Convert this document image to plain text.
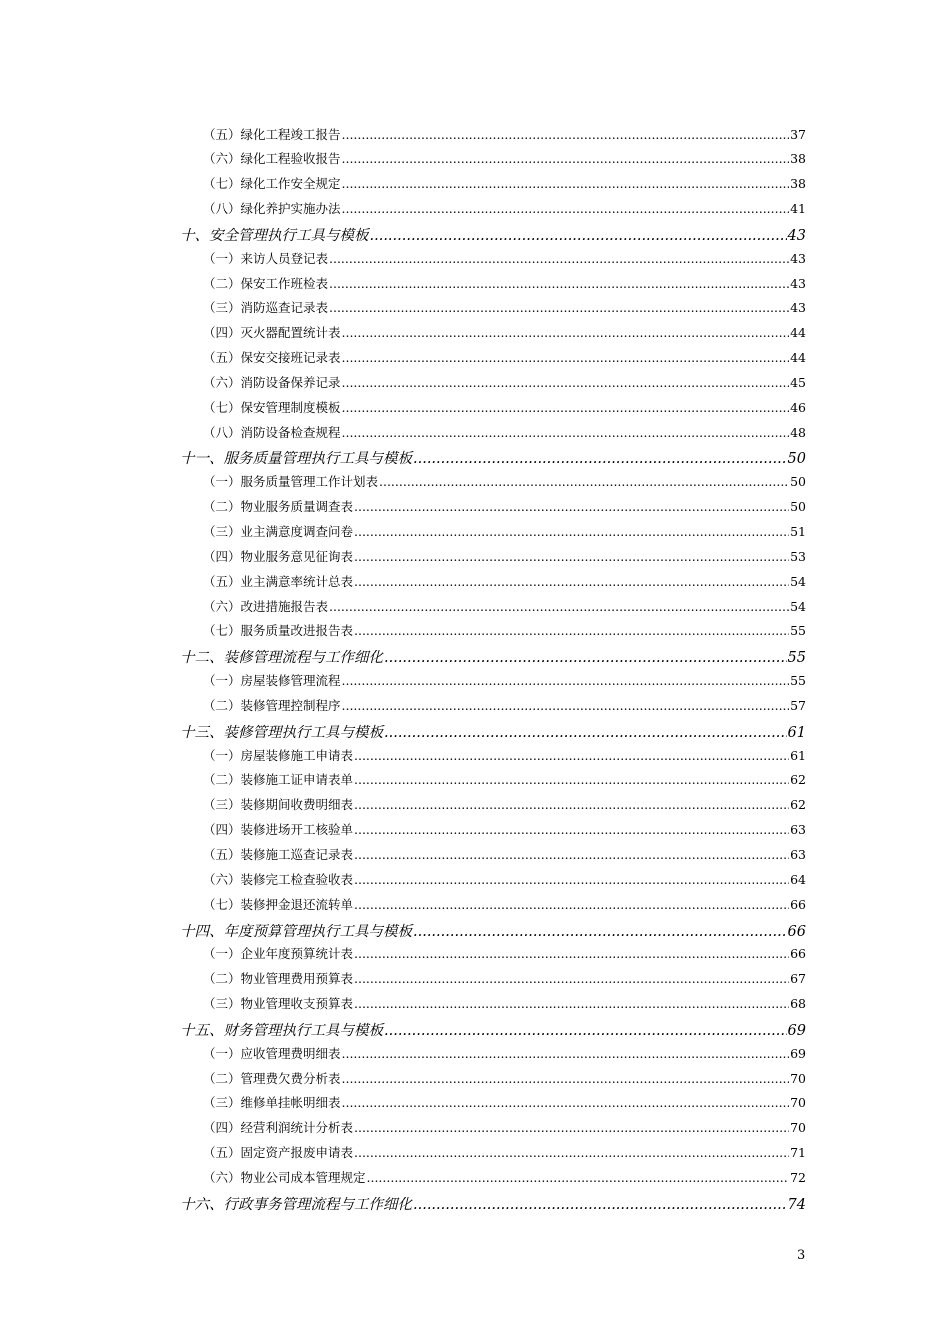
（五）绿化工程竣工报告 .....	37
（六）绿化工程验收报告 .....	38
（七）绿化工作安全规定 .....	38
（八）绿化养护实施办法 .....	41
十、安全管理执行工具与模板 .....	43
（一）来访人员登记表 .....	43
（二）保安工作班检表 .....	43
（三）消防巡查记录表 .....	43
（四）灭火器配置统计表 .....	44
（五）保安交接班记录表 .....	44
（六）消防设备保养记录 .....	45
（七）保安管理制度模板 .....	46
（八）消防设备检查规程 .....	48
十一、服务质量管理执行工具与模板 .....	50
（一）服务质量管理工作计划表 .....	50
（二）物业服务质量调查表 .....	50
（三）业主满意度调查问卷 .....	51
（四）物业服务意见征询表 .....	53
（五）业主满意率统计总表 .....	54
（六）改进措施报告表 .....	54
（七）服务质量改进报告表 .....	55
十二、装修管理流程与工作细化 .....	55
（一）房屋装修管理流程 .....	55
（二）装修管理控制程序 .....	57
十三、装修管理执行工具与模板 .....	61
（一）房屋装修施工申请表 .....	61
（二）装修施工证申请表单 .....	62
（三）装修期间收费明细表 .....	62
（四）装修进场开工核验单 .....	63
（五）装修施工巡查记录表 .....	63
（六）装修完工检查验收表 .....	64
（七）装修押金退还流转单 .....	66
十四、年度预算管理执行工具与模板 .....	66
（一）企业年度预算统计表 .....	66
（二）物业管理费用预算表 .....	67
（三）物业管理收支预算表 .....	68
十五、财务管理执行工具与模板 .....	69
（一）应收管理费明细表 .....	69
（二）管理费欠费分析表 .....	70
（三）维修单挂帐明细表 .....	70
（四）经营利润统计分析表 .....	70
（五）固定资产报废申请表 .....	71
（六）物业公司成本管理规定 .....	72
十六、行政事务管理流程与工作细化 .....	74
3
